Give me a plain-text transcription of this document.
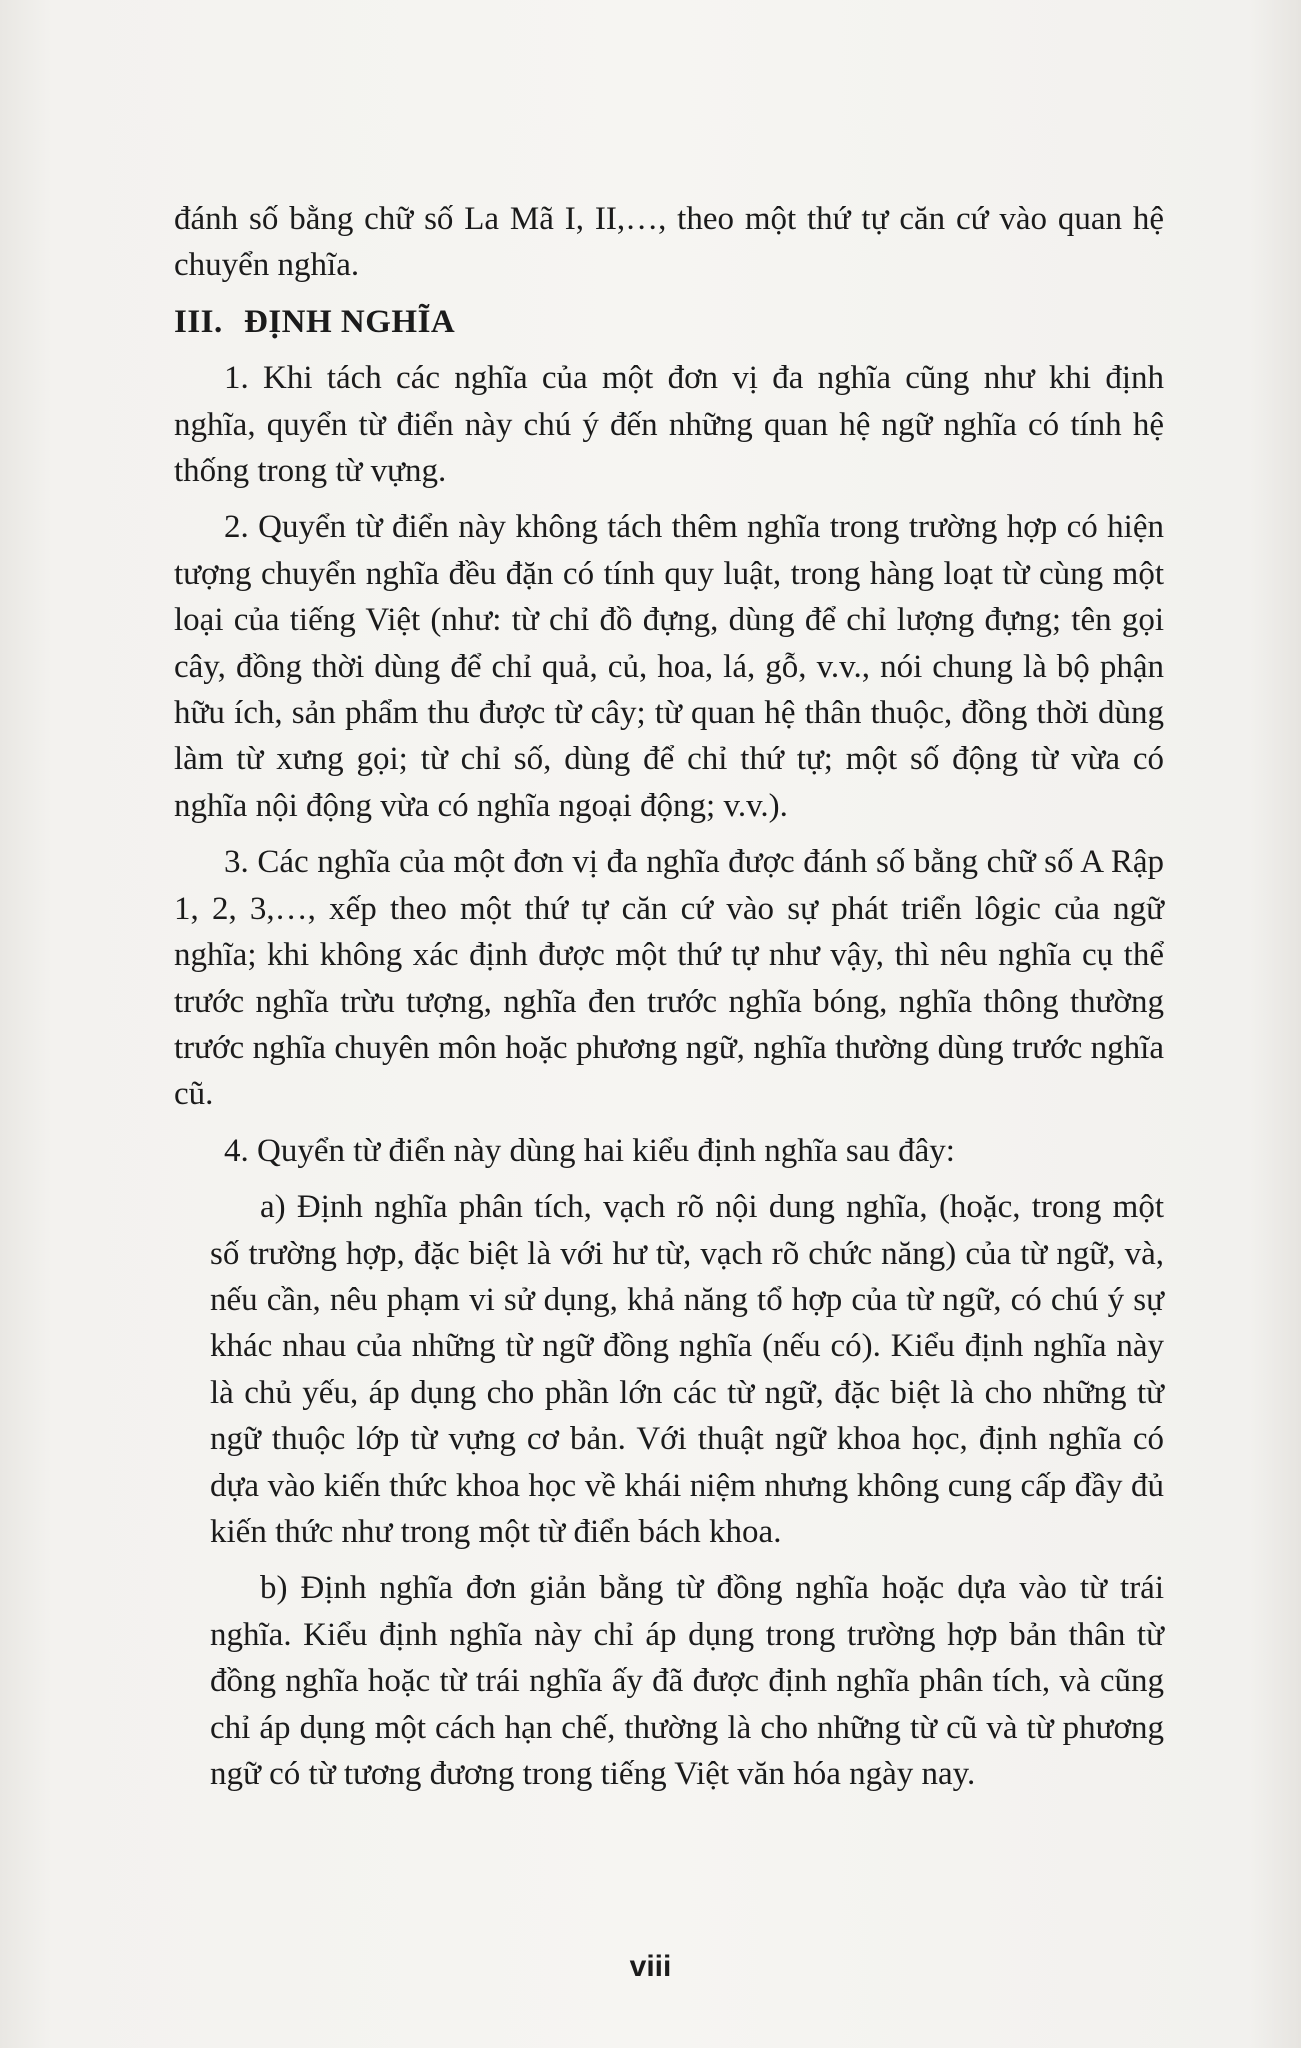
đánh số bằng chữ số La Mã I, II,…, theo một thứ tự căn cứ vào quan hệ chuyển nghĩa.

III. ĐỊNH NGHĨA

1. Khi tách các nghĩa của một đơn vị đa nghĩa cũng như khi định nghĩa, quyển từ điển này chú ý đến những quan hệ ngữ nghĩa có tính hệ thống trong từ vựng.

2. Quyển từ điển này không tách thêm nghĩa trong trường hợp có hiện tượng chuyển nghĩa đều đặn có tính quy luật, trong hàng loạt từ cùng một loại của tiếng Việt (như: từ chỉ đồ đựng, dùng để chỉ lượng đựng; tên gọi cây, đồng thời dùng để chỉ quả, củ, hoa, lá, gỗ, v.v., nói chung là bộ phận hữu ích, sản phẩm thu được từ cây; từ quan hệ thân thuộc, đồng thời dùng làm từ xưng gọi; từ chỉ số, dùng để chỉ thứ tự; một số động từ vừa có nghĩa nội động vừa có nghĩa ngoại động; v.v.).

3. Các nghĩa của một đơn vị đa nghĩa được đánh số bằng chữ số A Rập 1, 2, 3,…, xếp theo một thứ tự căn cứ vào sự phát triển lôgic của ngữ nghĩa; khi không xác định được một thứ tự như vậy, thì nêu nghĩa cụ thể trước nghĩa trừu tượng, nghĩa đen trước nghĩa bóng, nghĩa thông thường trước nghĩa chuyên môn hoặc phương ngữ, nghĩa thường dùng trước nghĩa cũ.

4. Quyển từ điển này dùng hai kiểu định nghĩa sau đây:

a) Định nghĩa phân tích, vạch rõ nội dung nghĩa, (hoặc, trong một số trường hợp, đặc biệt là với hư từ, vạch rõ chức năng) của từ ngữ, và, nếu cần, nêu phạm vi sử dụng, khả năng tổ hợp của từ ngữ, có chú ý sự khác nhau của những từ ngữ đồng nghĩa (nếu có). Kiểu định nghĩa này là chủ yếu, áp dụng cho phần lớn các từ ngữ, đặc biệt là cho những từ ngữ thuộc lớp từ vựng cơ bản. Với thuật ngữ khoa học, định nghĩa có dựa vào kiến thức khoa học về khái niệm nhưng không cung cấp đầy đủ kiến thức như trong một từ điển bách khoa.

b) Định nghĩa đơn giản bằng từ đồng nghĩa hoặc dựa vào từ trái nghĩa. Kiểu định nghĩa này chỉ áp dụng trong trường hợp bản thân từ đồng nghĩa hoặc từ trái nghĩa ấy đã được định nghĩa phân tích, và cũng chỉ áp dụng một cách hạn chế, thường là cho những từ cũ và từ phương ngữ có từ tương đương trong tiếng Việt văn hóa ngày nay.

viii
